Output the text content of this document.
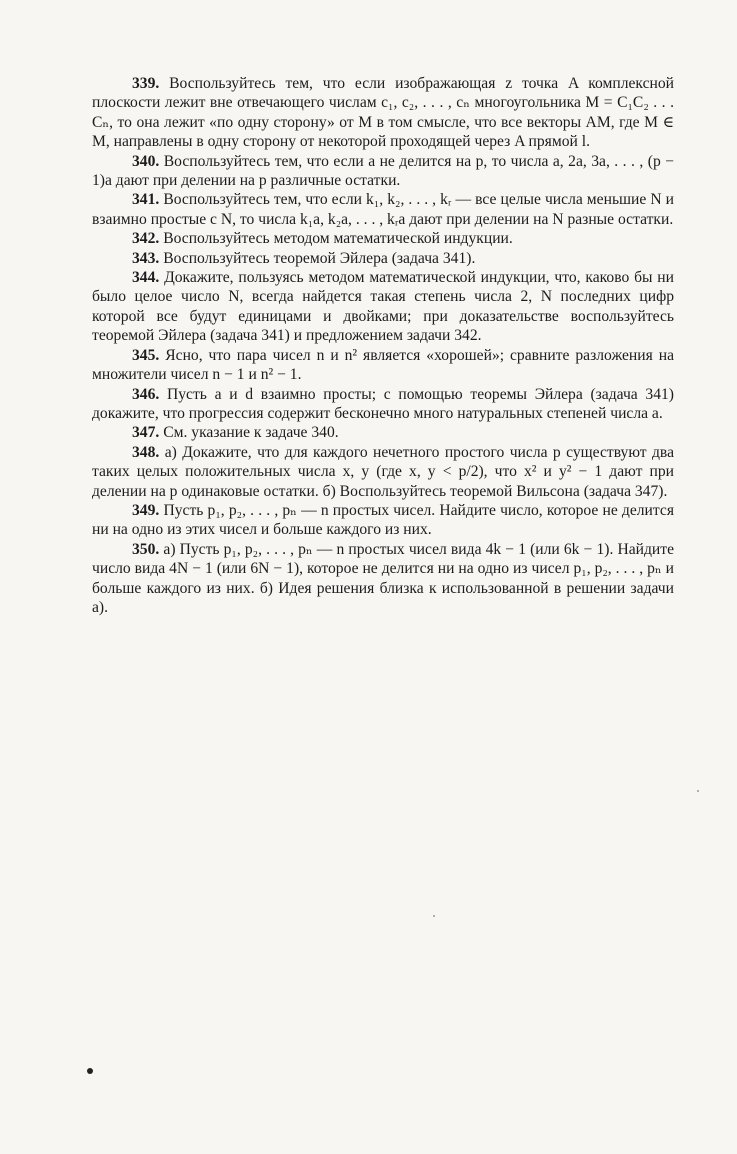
339. Воспользуйтесь тем, что если изображающая z точка A комплексной плоскости лежит вне отвечающего числам c₁, c₂, . . . , cₙ многоугольника M = C₁C₂ . . . Cₙ, то она лежит «по одну сторону» от M в том смысле, что все векторы AM, где M ∈ M, направлены в одну сторону от некоторой проходящей через A прямой l.

340. Воспользуйтесь тем, что если a не делится на p, то числа a, 2a, 3a, . . . , (p − 1)a дают при делении на p различные остатки.

341. Воспользуйтесь тем, что если k₁, k₂, . . . , kᵣ — все целые числа меньшие N и взаимно простые с N, то числа k₁a, k₂a, . . . , kᵣa дают при делении на N разные остатки.

342. Воспользуйтесь методом математической индукции.

343. Воспользуйтесь теоремой Эйлера (задача 341).

344. Докажите, пользуясь методом математической индукции, что, каково бы ни было целое число N, всегда найдется такая степень числа 2, N последних цифр которой все будут единицами и двойками; при доказательстве воспользуйтесь теоремой Эйлера (задача 341) и предложением задачи 342.

345. Ясно, что пара чисел n и n² является «хорошей»; сравните разложения на множители чисел n − 1 и n² − 1.

346. Пусть a и d взаимно просты; с помощью теоремы Эйлера (задача 341) докажите, что прогрессия содержит бесконечно много натуральных степеней числа a.

347. См. указание к задаче 340.

348. а) Докажите, что для каждого нечетного простого числа p существуют два таких целых положительных числа x, y (где x, y < p/2), что x² и y² − 1 дают при делении на p одинаковые остатки. б) Воспользуйтесь теоремой Вильсона (задача 347).

349. Пусть p₁, p₂, . . . , pₙ — n простых чисел. Найдите число, которое не делится ни на одно из этих чисел и больше каждого из них.

350. а) Пусть p₁, p₂, . . . , pₙ — n простых чисел вида 4k − 1 (или 6k − 1). Найдите число вида 4N − 1 (или 6N − 1), которое не делится ни на одно из чисел p₁, p₂, . . . , pₙ и больше каждого из них. б) Идея решения близка к использованной в решении задачи а).
